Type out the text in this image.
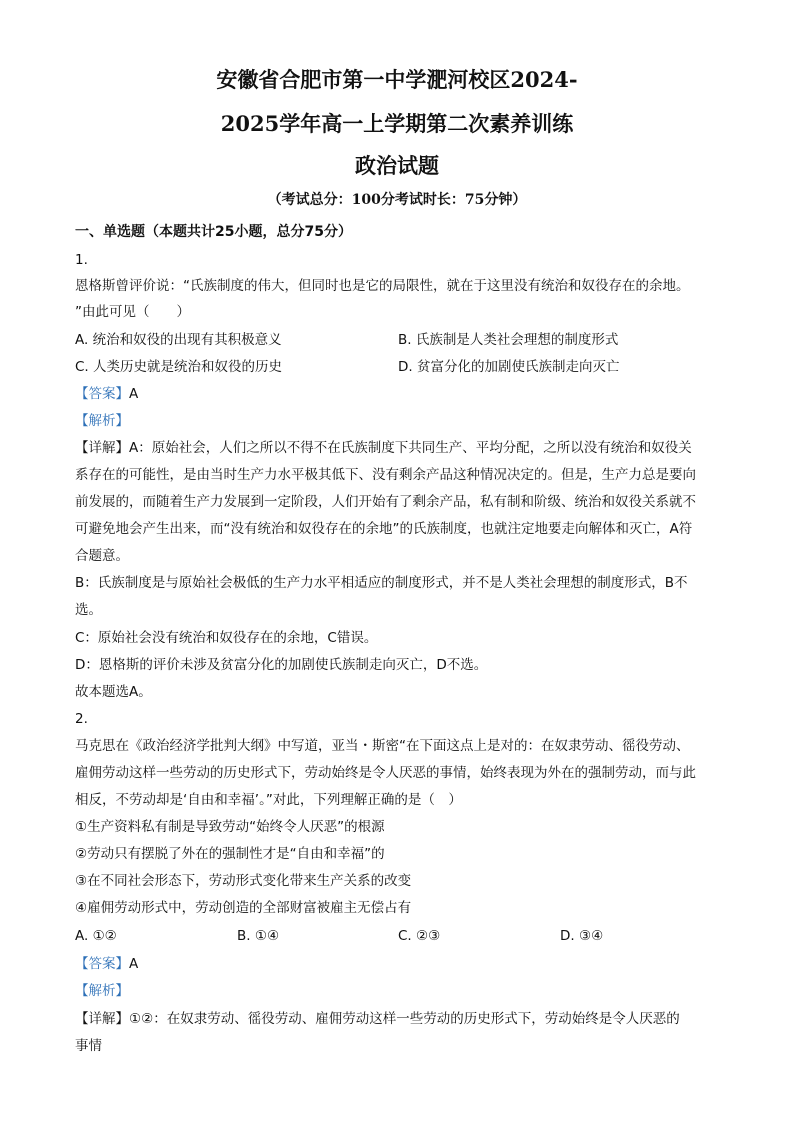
安徽省合肥市第一中学淝河校区2024-
2025学年高一上学期第二次素养训练
政治试题
（考试总分：100分考试时长：75分钟）
一、单选题（本题共计25小题，总分75分）
1.
恩格斯曾评价说：“氏族制度的伟大，但同时也是它的局限性，就在于这里没有统治和奴役存在的余地。
”由此可见（　　）
A. 统治和奴役的出现有其积极意义	B. 氏族制是人类社会理想的制度形式
C. 人类历史就是统治和奴役的历史	D. 贫富分化的加剧使氏族制走向灭亡
【答案】A
【解析】
【详解】A：原始社会，人们之所以不得不在氏族制度下共同生产、平均分配，之所以没有统治和奴役关
系存在的可能性，是由当时生产力水平极其低下、没有剩余产品这种情况决定的。但是，生产力总是要向
前发展的，而随着生产力发展到一定阶段，人们开始有了剩余产品，私有制和阶级、统治和奴役关系就不
可避免地会产生出来，而“没有统治和奴役存在的余地”的氏族制度，也就注定地要走向解体和灭亡，A符
合题意。
B：氏族制度是与原始社会极低的生产力水平相适应的制度形式，并不是人类社会理想的制度形式，B不
选。
C：原始社会没有统治和奴役存在的余地，C错误。
D：恩格斯的评价未涉及贫富分化的加剧使氏族制走向灭亡，D不选。
故本题选A。
2.
马克思在《政治经济学批判大纲》中写道，亚当・斯密“在下面这点上是对的：在奴隶劳动、徭役劳动、
雇佣劳动这样一些劳动的历史形式下，劳动始终是令人厌恶的事情，始终表现为外在的强制劳动，而与此
相反，不劳动却是‘自由和幸福’。”对此，下列理解正确的是（　）
①生产资料私有制是导致劳动“始终令人厌恶”的根源
②劳动只有摆脱了外在的强制性才是“自由和幸福”的
③在不同社会形态下，劳动形式变化带来生产关系的改变
④雇佣劳动形式中，劳动创造的全部财富被雇主无偿占有
A. ①②	B. ①④	C. ②③	D. ③④
【答案】A
【解析】
【详解】①②：在奴隶劳动、徭役劳动、雇佣劳动这样一些劳动的历史形式下，劳动始终是令人厌恶的
事情
